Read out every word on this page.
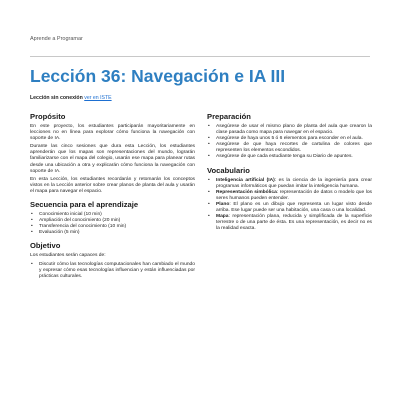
Aprende a Programar
Lección 36: Navegación e IA III
Lección sin conexión ver en ISTE
Propósito

En este proyecto, los estudiantes participarán mayoritariamente en lecciones no en línea para explorar cómo funciona la navegación con soporte de IA.

Durante las cinco sesiones que dura esta Lección, los estudiantes aprenderán que los mapas son representaciones del mundo, lograrán familiarizarse con el mapa del colegio, usarán ese mapa para planear rutas desde una ubicación a otra y explicarán cómo funciona la navegación con soporte de IA.

En esta Lección, los estudiantes recordarán y retomarán los conceptos vistos en la Lección anterior sobre crear planos de planta del aula y usarán el mapa para navegar el espacio.

Secuencia para el aprendizaje
• Conocimiento inicial (10 min)
• Ampliación del conocimiento (20 min)
• Transferencia del conocimiento (10 min)
• Evaluación (5 min)
Objetivo

Los estudiantes serán capaces de:

• Discutir cómo las tecnologías computacionales han cambiado el mundo y expresar cómo esas tecnologías influencian y están influenciadas por prácticas culturales.
Preparación
• Asegúrese de usar el mismo plano de planta del aula que crearon la clase pasada como mapa para navegar en el espacio.
• Asegúrese de haya unos 5 ó 6 elementos para esconder en el aula.
• Asegúrese de que haya recortes de cartulina de colores que representen los elementos escondidos.
• Asegúrese de que cada estudiante tenga su Diario de apuntes.
Vocabulario
• Inteligencia artificial (IA): es la ciencia de la ingeniería para crear programas informáticos que puedan imitar la inteligencia humana.
• Representación simbólica: representación de datos o modelo que los seres humanos pueden entender.
• Plano: El plano es un dibujo que representa un lugar visto desde arriba. Ese lugar puede ser una habitación, una casa o una localidad.
• Mapa: representación plana, reducida y simplificada de la superficie terrestre o de una parte de ésta. Es una representación, es decir no es la realidad exacta.
